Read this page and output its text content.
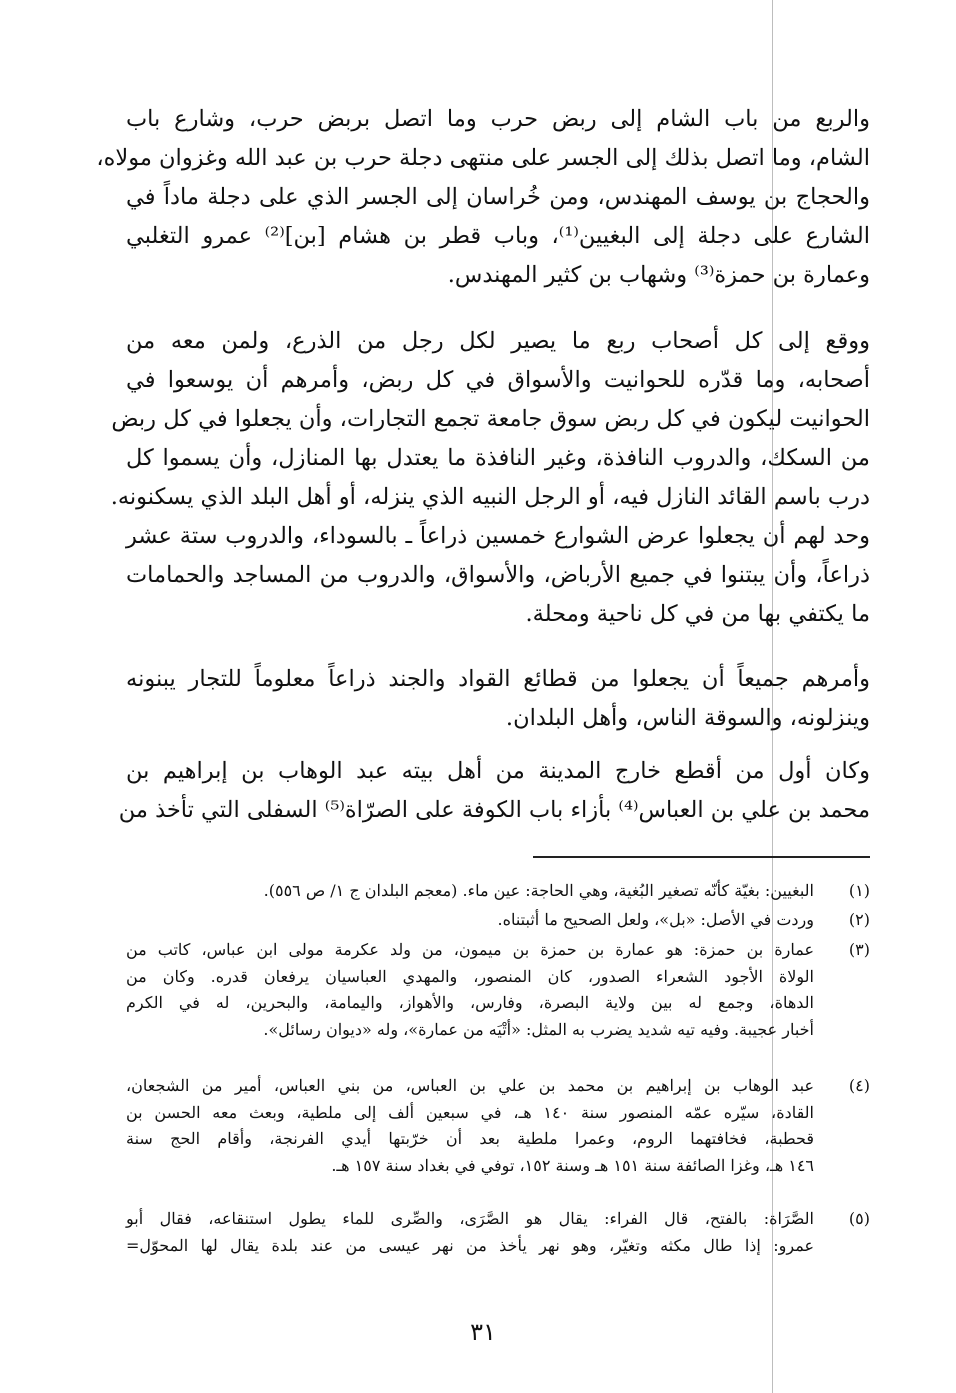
والربع من باب الشام إلى ربض حرب وما اتصل بربض حرب، وشارع باب
الشام، وما اتصل بذلك إلى الجسر على منتهى دجلة حرب بن عبد الله وغزوان مولاه،
والحجاج بن يوسف المهندس، ومن خُراسان إلى الجسر الذي على دجلة ماداً في
الشارع على دجلة إلى البغيين⁽¹⁾، وباب قطر بن هشام [بن]⁽²⁾ عمرو التغلبي
وعمارة بن حمزة⁽³⁾ وشهاب بن كثير المهندس.
ووقع إلى كل أصحاب ربع ما يصير لكل رجل من الذرع، ولمن معه من
أصحابه، وما قدّره للحوانيت والأسواق في كل ربض، وأمرهم أن يوسعوا في
الحوانيت ليكون في كل ربض سوق جامعة تجمع التجارات، وأن يجعلوا في كل ربض
من السكك، والدروب النافذة، وغير النافذة ما يعتدل بها المنازل، وأن يسموا كل
درب باسم القائد النازل فيه، أو الرجل النبيه الذي ينزله، أو أهل البلد الذي يسكنونه.
وحد لهم أن يجعلوا عرض الشوارع خمسين ذراعاً ـ بالسوداء، والدروب ستة عشر
ذراعاً، وأن يبتنوا في جميع الأرباض، والأسواق، والدروب من المساجد والحمامات
ما يكتفي بها من في كل ناحية ومحلة.
وأمرهم جميعاً أن يجعلوا من قطائع القواد والجند ذراعاً معلوماً للتجار يبنونه
وينزلونه، والسوقة الناس، وأهل البلدان.
وكان أول من أقطع خارج المدينة من أهل بيته عبد الوهاب بن إبراهيم بن
محمد بن علي بن العباس⁽⁴⁾ بأزاء باب الكوفة على الصرّاة⁽⁵⁾ السفلى التي تأخذ من
(١)
البغيين: بغيّة كأنّه تصغير البُغية، وهي الحاجة: عين ماء. (معجم البلدان ج ١/ ص ٥٥٦).
(٢)
وردت في الأصل: «بل»، ولعل الصحيح ما أثبتناه.
(٣)
عمارة بن حمزة: هو عمارة بن حمزة بن ميمون، من ولد عكرمة مولى ابن عباس، كاتب من
الولاة الأجود الشعراء الصدور، كان المنصور، والمهدي العباسيان يرفعان قدره. وكان من
الدهاة، وجمع له بين ولاية البصرة، وفارس، والأهواز، واليمامة، والبحرين، له في الكرم
أخبار عجيبة. وفيه تيه شديد يضرب به المثل: «أتْيَه من عمارة»، وله «ديوان رسائل».
(٤)
عبد الوهاب بن إبراهيم بن محمد بن علي بن العباس، من بني العباس، أمير من الشجعان،
القادة، سيّره عمّه المنصور سنة ١٤٠ هـ، في سبعين ألف إلى ملطية، وبعث معه الحسن بن
قحطبة، فخافتهما الروم، وعمرا ملطية بعد أن خرّبتها أيدي الفرنجة، وأقام الحج سنة
١٤٦ هـ، وغزا الصائفة سنة ١٥١ هـ وسنة ١٥٢، توفي في بغداد سنة ١٥٧ هـ.
(٥)
الصَّرَاة: بالفتح، قال الفراء: يقال هو الصَّرَى، والصِّرى للماء يطول استنقاعه، فقال أبو
عمرو: إذا طال مكثه وتغيّر، وهو نهر يأخذ من نهر عيسى من عند بلدة يقال لها المحوّل=
٣١
